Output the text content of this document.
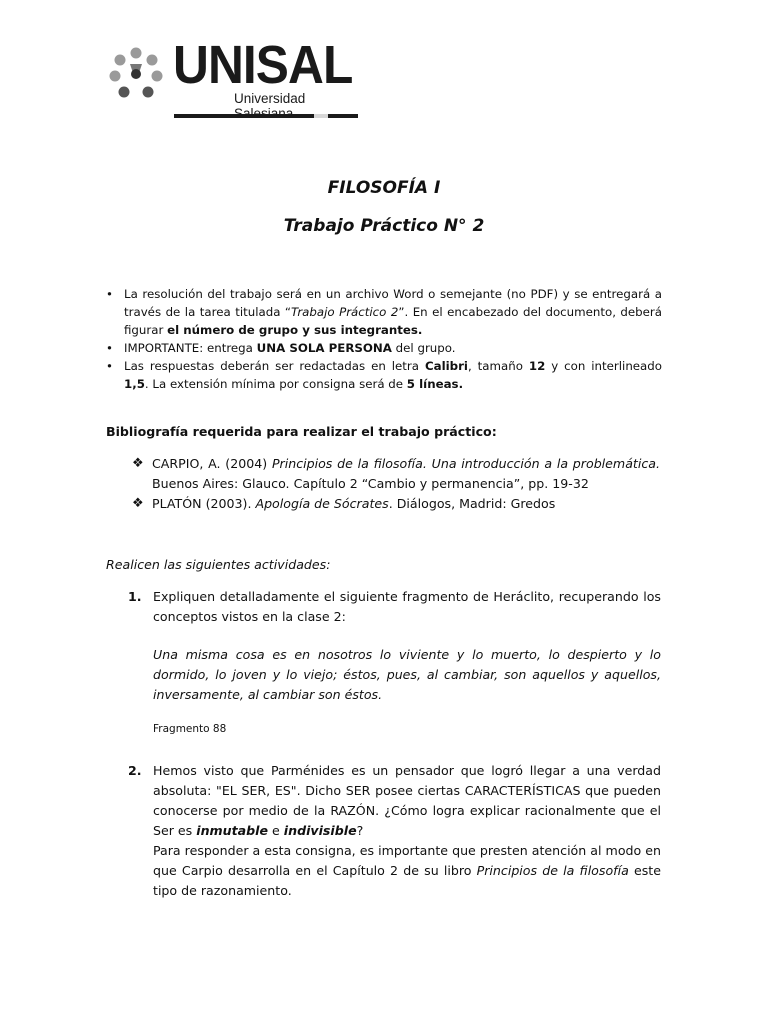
UNISAL
Universidad
FILOSOFÍA I
Trabajo Práctico N° 2
• La resolución del trabajo será en un archivo Word o semejante (no PDF) y se entregará a través de la tarea titulada “Trabajo Práctico 2”. En el encabezado del documento, deberá figurar el número de grupo y sus integrantes.
• IMPORTANTE: entrega UNA SOLA PERSONA del grupo.
• Las respuestas deberán ser redactadas en letra Calibri, tamaño 12 y con interlineado 1,5. La extensión mínima por consigna será de 5 líneas.
Bibliografía requerida para realizar el trabajo práctico:
❖ CARPIO, A. (2004) Principios de la filosofía. Una introducción a la problemática. Buenos Aires: Glauco. Capítulo 2 “Cambio y permanencia”, pp. 19-32
❖ PLATÓN (2003). Apología de Sócrates. Diálogos, Madrid: Gredos
Realicen las siguientes actividades:
1. Expliquen detalladamente el siguiente fragmento de Heráclito, recuperando los conceptos vistos en la clase 2:
Una misma cosa es en nosotros lo viviente y lo muerto, lo despierto y lo dormido, lo joven y lo viejo; éstos, pues, al cambiar, son aquellos y aquellos, inversamente, al cambiar son éstos.
Fragmento 88
2. Hemos visto que Parménides es un pensador que logró llegar a una verdad absoluta: "EL SER, ES". Dicho SER posee ciertas CARACTERÍSTICAS que pueden conocerse por medio de la RAZÓN. ¿Cómo logra explicar racionalmente que el Ser es inmutable e indivisible?
Para responder a esta consigna, es importante que presten atención al modo en que Carpio desarrolla en el Capítulo 2 de su libro Principios de la filosofía este tipo de razonamiento.
